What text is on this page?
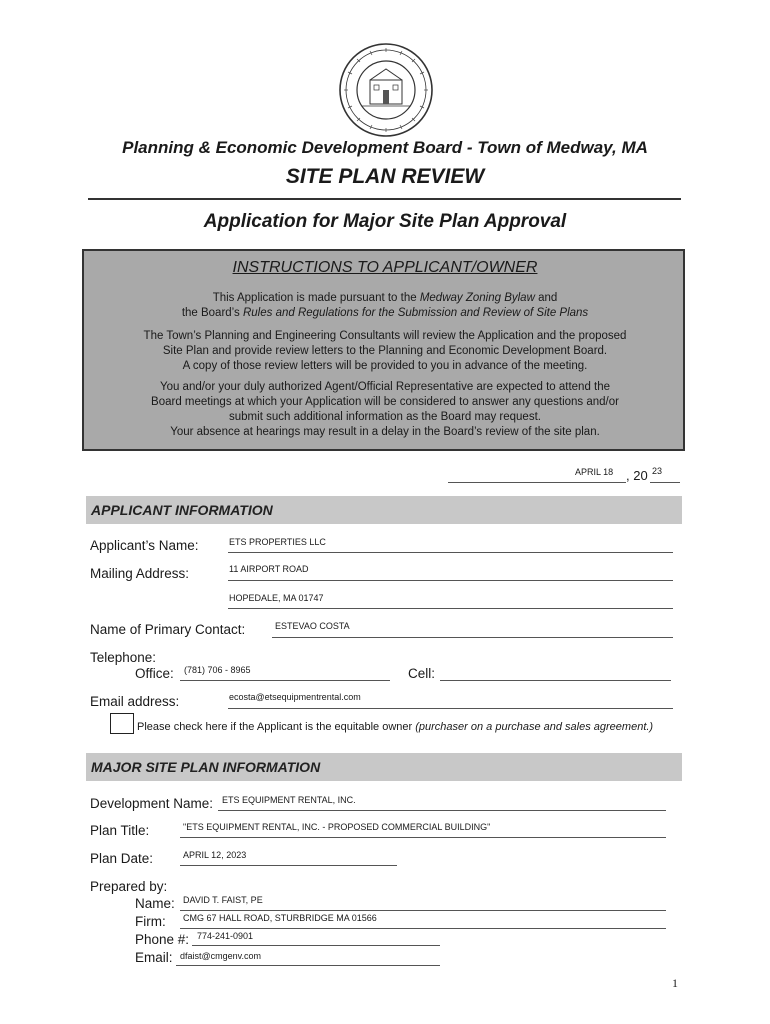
Planning & Economic Development Board - Town of Medway, MA
SITE PLAN REVIEW
Application for Major Site Plan Approval
INSTRUCTIONS TO APPLICANT/OWNER
This Application is made pursuant to the Medway Zoning Bylaw and
the Board’s Rules and Regulations for the Submission and Review of Site Plans
The Town’s Planning and Engineering Consultants will review the Application and the proposed
Site Plan and provide review letters to the Planning and Economic Development Board.
A copy of those review letters will be provided to you in advance of the meeting.
You and/or your duly authorized Agent/Official Representative are expected to attend the
Board meetings at which your Application will be considered to answer any questions and/or
submit such additional information as the Board may request.
Your absence at hearings may result in a delay in the Board’s review of the site plan.
APRIL 18 , 20 23
APPLICANT INFORMATION
Applicant’s Name:	ETS PROPERTIES LLC
Mailing Address:	11 AIRPORT ROAD
HOPEDALE, MA 01747
Name of Primary Contact:	ESTEVAO COSTA
Telephone:
Office: (781) 706 - 8965	Cell:
Email address:	ecosta@etsequipmentrental.com
Please check here if the Applicant is the equitable owner (purchaser on a purchase and sales agreement.)
MAJOR SITE PLAN INFORMATION
Development Name: ETS EQUIPMENT RENTAL, INC.
Plan Title:	"ETS EQUIPMENT RENTAL, INC. - PROPOSED COMMERCIAL BUILDING"
Plan Date:	APRIL 12, 2023
Prepared by:
Name: DAVID T. FAIST, PE
Firm: CMG 67 HALL ROAD, STURBRIDGE MA 01566
Phone #: 774-241-0901
Email: dfaist@cmgenv.com
1
